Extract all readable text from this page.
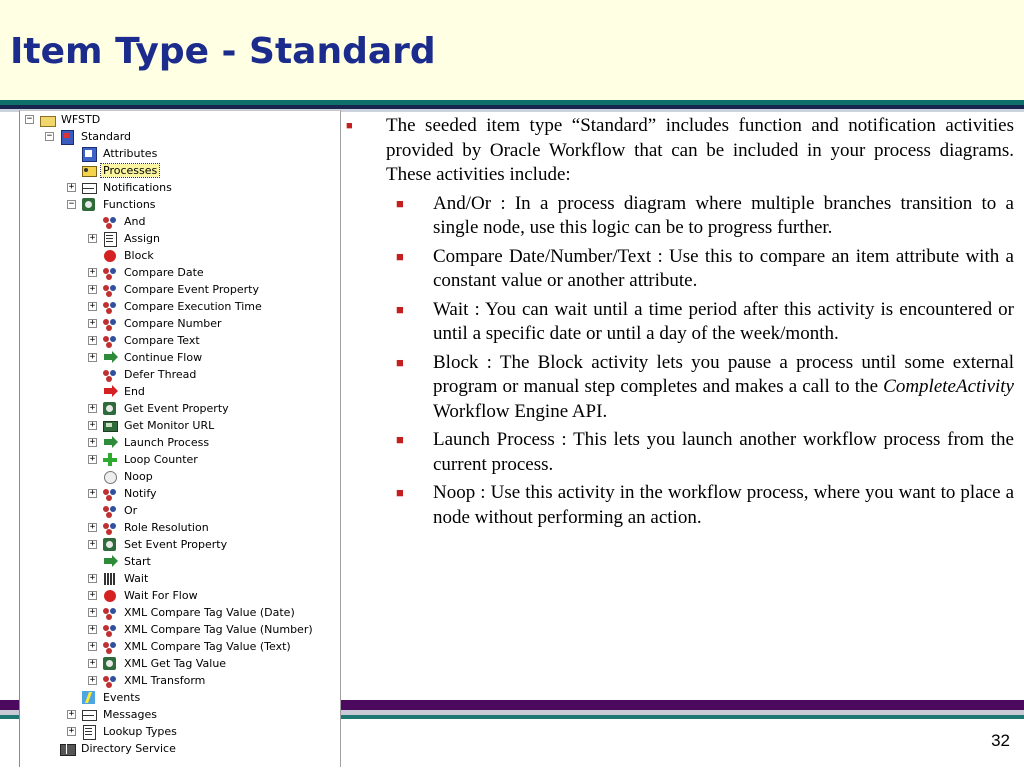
Item Type - Standard
−	WFSTD
−	Standard
Attributes
Processes
+	Notifications
−	Functions
And
+	Assign
Block
+	Compare Date
+	Compare Event Property
+	Compare Execution Time
+	Compare Number
+	Compare Text
+	Continue Flow
Defer Thread
End
+	Get Event Property
+	Get Monitor URL
+	Launch Process
+	Loop Counter
Noop
+	Notify
Or
+	Role Resolution
+	Set Event Property
Start
+	Wait
+	Wait For Flow
+	XML Compare Tag Value (Date)
+	XML Compare Tag Value (Number)
+	XML Compare Tag Value (Text)
+	XML Get Tag Value
+	XML Transform
Events
+	Messages
+	Lookup Types
Directory Service
■ The seeded item type “Standard” includes function and notification activities provided by Oracle Workflow that can be included in your process diagrams. These activities include:
■ And/Or : In a process diagram where multiple branches transition to a single node, use this logic can be to progress further.
■ Compare Date/Number/Text : Use this to compare an item attribute with a constant value or another attribute.
■ Wait : You can wait until a time period after this activity is encountered or until a specific date or until a day of the week/month.
■ Block : The Block activity lets you pause a process until some external program or manual step completes and makes a call to the CompleteActivity Workflow Engine API.
■ Launch Process : This lets you launch another workflow process from the current process.
■ Noop : Use this activity in the workflow process, where you want to place a node without performing an action.
32
